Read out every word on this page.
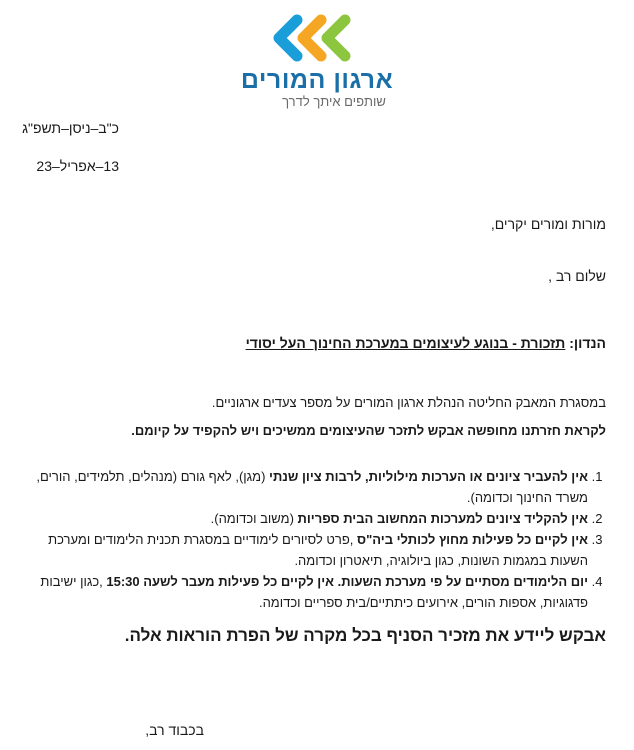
ארגון המורים
שותפים איתך לדרך
כ"ב–ניסן–תשפ"ג
13–אפריל–23
מורות ומורים יקרים,
שלום רב ,
הנדון: תזכורת - בנוגע לעיצומים במערכת החינוך העל יסודי
במסגרת המאבק החליטה הנהלת ארגון המורים על מספר צעדים ארגוניים.
לקראת חזרתנו מחופשה אבקש לתזכר שהעיצומים ממשיכים ויש להקפיד על קיומם.
1. אין להעביר ציונים או הערכות מילוליות, לרבות ציון שנתי (מגן), לאף גורם (מנהלים, תלמידים, הורים, משרד החינוך וכדומה).
2. אין להקליד ציונים למערכות המחשוב הבית ספריות (משוב וכדומה).
3. אין לקיים כל פעילות מחוץ לכותלי ביה"ס ,פרט לסיורים לימודיים במסגרת תכנית הלימודים ומערכת השעות במגמות השונות, כגון ביולוגיה, תיאטרון וכדומה.
4. יום הלימודים מסתיים על פי מערכת השעות. אין לקיים כל פעילות מעבר לשעה 15:30 ,כגון ישיבות פדגוגיות, אספות הורים, אירועים כיתתיים/בית ספריים וכדומה.
אבקש ליידע את מזכיר הסניף בכל מקרה של הפרת הוראות אלה.
בכבוד רב,
